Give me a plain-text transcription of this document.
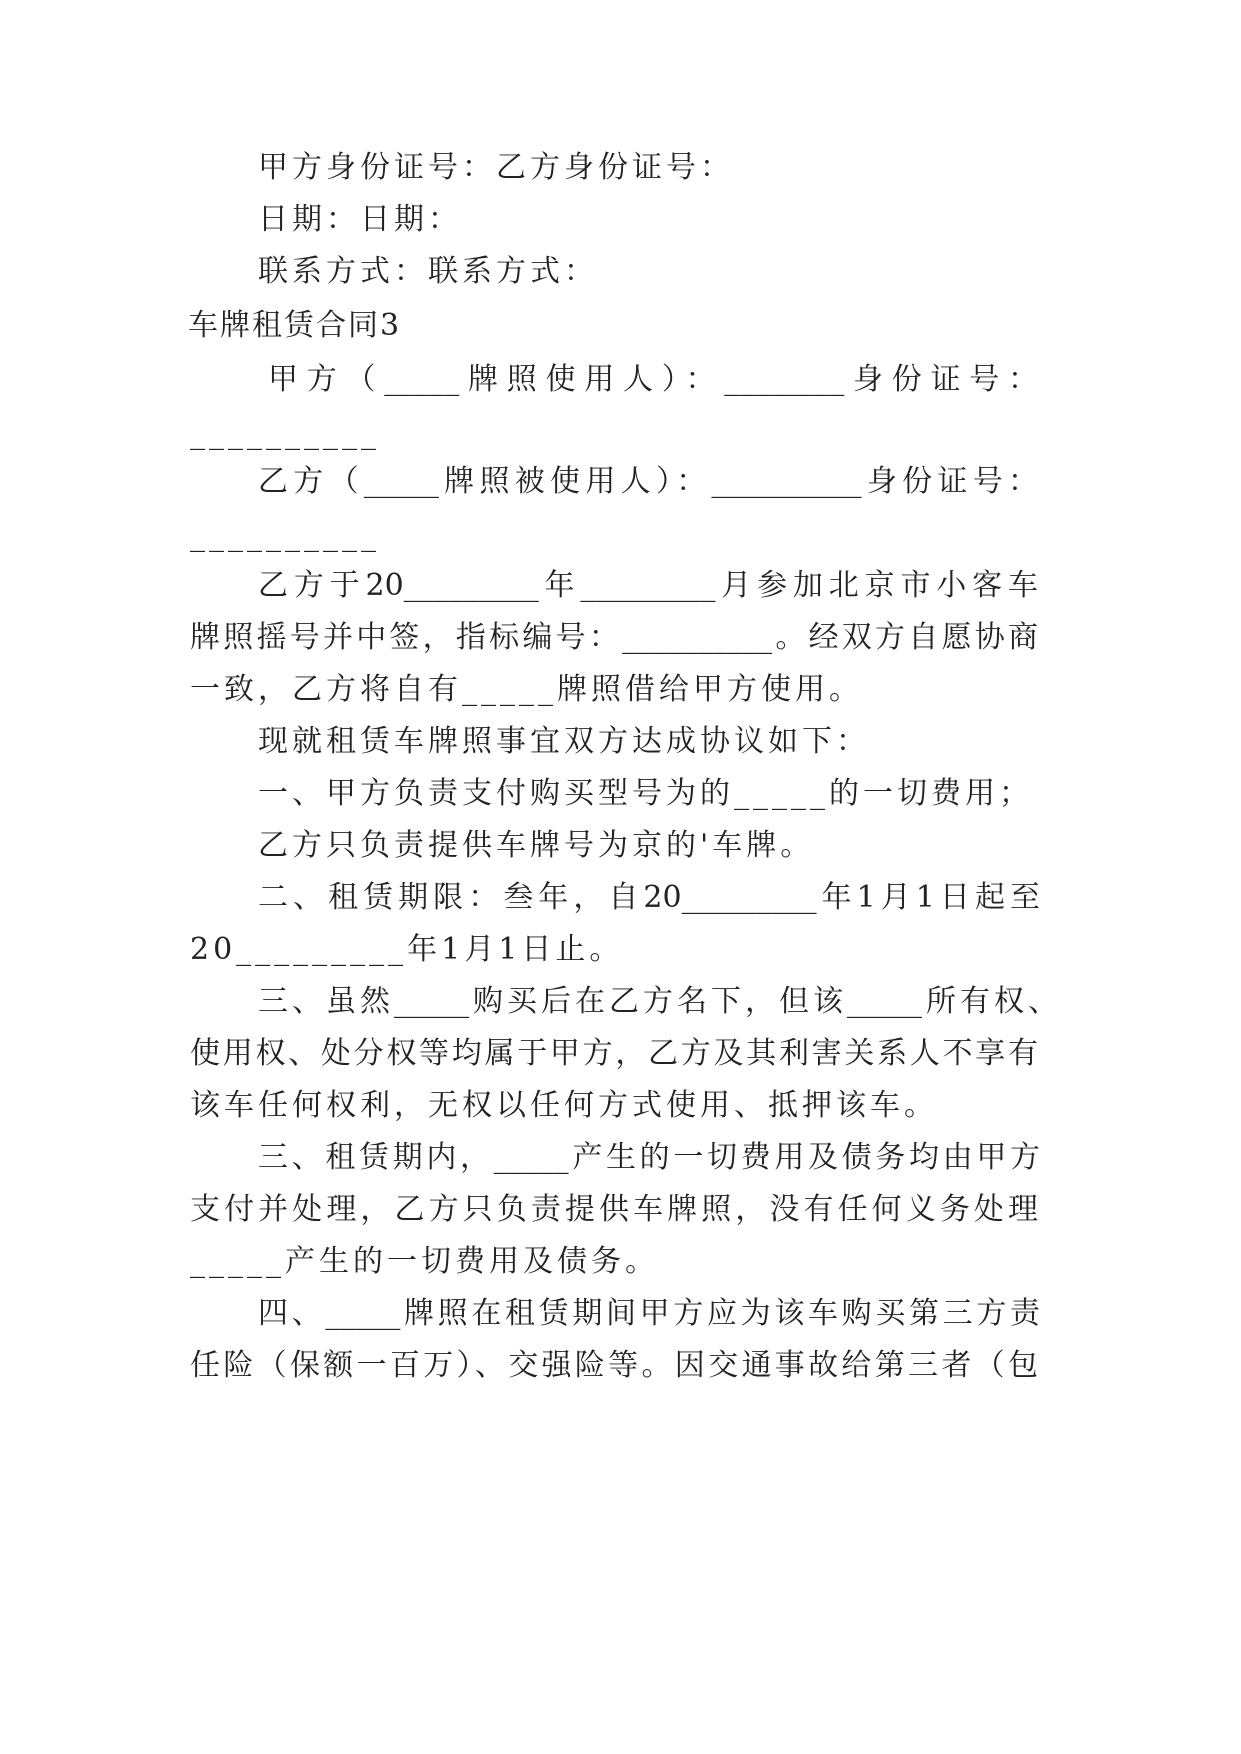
甲方身份证号：乙方身份证号：

日期：日期：

联系方式：联系方式：

车牌租赁合同3

甲方（_____牌照使用人）：________身份证号：

__________

乙方（_____牌照被使用人）：__________身份证号：

__________

乙方于20_________年_________月参加北京市小客车

牌照摇号并中签，指标编号：__________。经双方自愿协商

一致，乙方将自有_____牌照借给甲方使用。

现就租赁车牌照事宜双方达成协议如下：

一、甲方负责支付购买型号为的_____的一切费用；

乙方只负责提供车牌号为京的'车牌。

二、租赁期限：叁年，自20_________年1月1日起至

20_________年1月1日止。

三、虽然_____购买后在乙方名下，但该_____所有权、

使用权、处分权等均属于甲方，乙方及其利害关系人不享有

该车任何权利，无权以任何方式使用、抵押该车。

三、租赁期内，_____产生的一切费用及债务均由甲方

支付并处理，乙方只负责提供车牌照，没有任何义务处理

_____产生的一切费用及债务。

四、_____牌照在租赁期间甲方应为该车购买第三方责

任险（保额一百万）、交强险等。因交通事故给第三者（包
